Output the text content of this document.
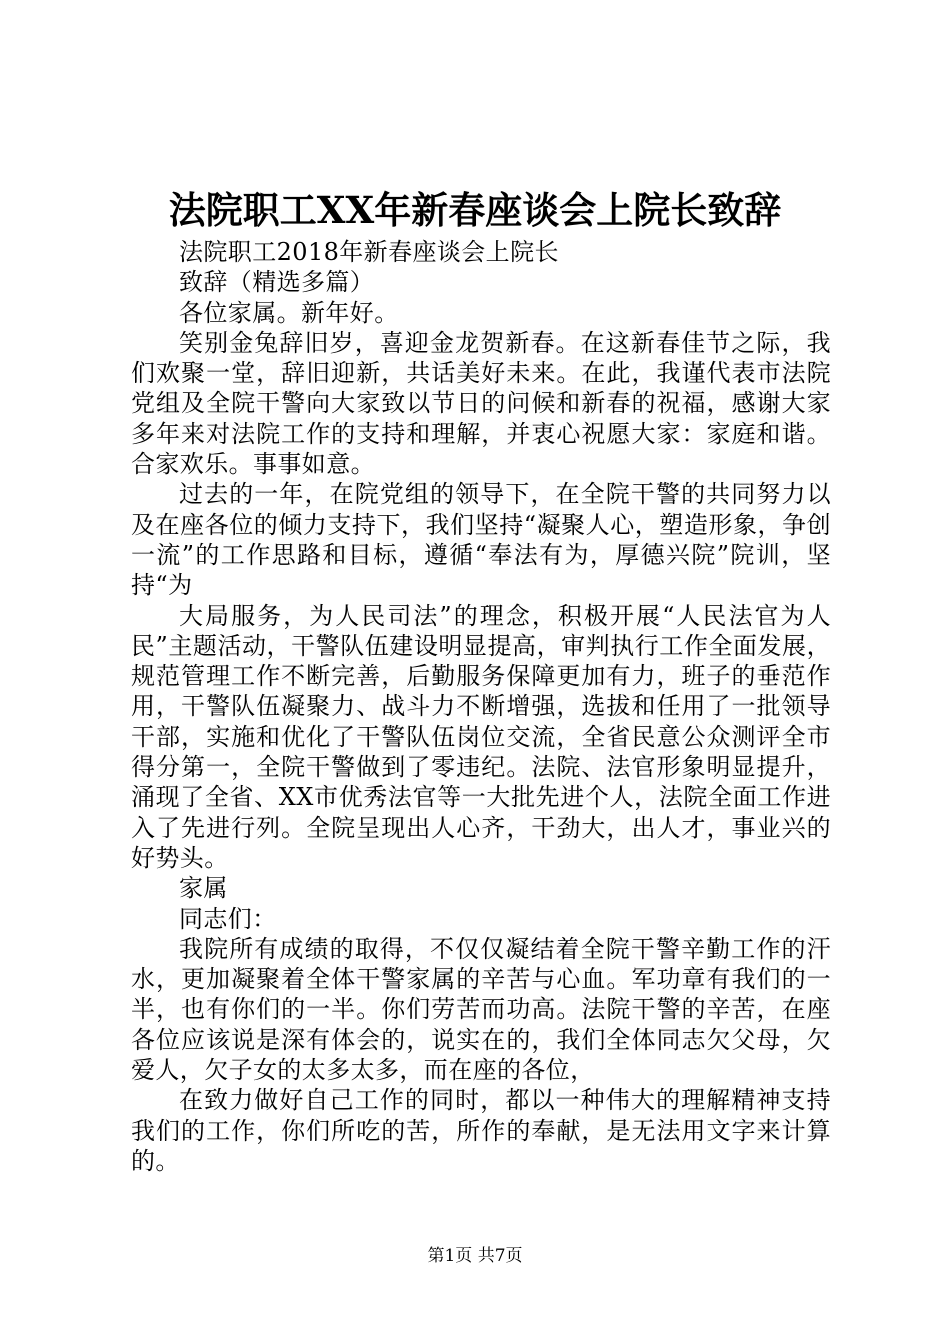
法院职工XX年新春座谈会上院长致辞

法院职工2018年新春座谈会上院长

致辞（精选多篇）

各位家属。新年好。

笑别金兔辞旧岁，喜迎金龙贺新春。在这新春佳节之际，我们欢聚一堂，辞旧迎新，共话美好未来。在此，我谨代表市法院党组及全院干警向大家致以节日的问候和新春的祝福，感谢大家多年来对法院工作的支持和理解，并衷心祝愿大家：家庭和谐。合家欢乐。事事如意。

过去的一年，在院党组的领导下，在全院干警的共同努力以及在座各位的倾力支持下，我们坚持“凝聚人心，塑造形象，争创一流”的工作思路和目标，遵循“奉法有为，厚德兴院”院训，坚持“为

大局服务，为人民司法”的理念，积极开展“人民法官为人民”主题活动，干警队伍建设明显提高，审判执行工作全面发展，规范管理工作不断完善，后勤服务保障更加有力，班子的垂范作用，干警队伍凝聚力、战斗力不断增强，选拔和任用了一批领导干部，实施和优化了干警队伍岗位交流，全省民意公众测评全市得分第一，全院干警做到了零违纪。法院、法官形象明显提升，涌现了全省、XX市优秀法官等一大批先进个人，法院全面工作进入了先进行列。全院呈现出人心齐，干劲大，出人才，事业兴的好势头。

家属

同志们：

我院所有成绩的取得，不仅仅凝结着全院干警辛勤工作的汗水，更加凝聚着全体干警家属的辛苦与心血。军功章有我们的一半，也有你们的一半。你们劳苦而功高。法院干警的辛苦，在座各位应该说是深有体会的，说实在的，我们全体同志欠父母，欠爱人，欠子女的太多太多，而在座的各位，

在致力做好自己工作的同时，都以一种伟大的理解精神支持我们的工作，你们所吃的苦，所作的奉献，是无法用文字来计算的。

第1页 共7页
